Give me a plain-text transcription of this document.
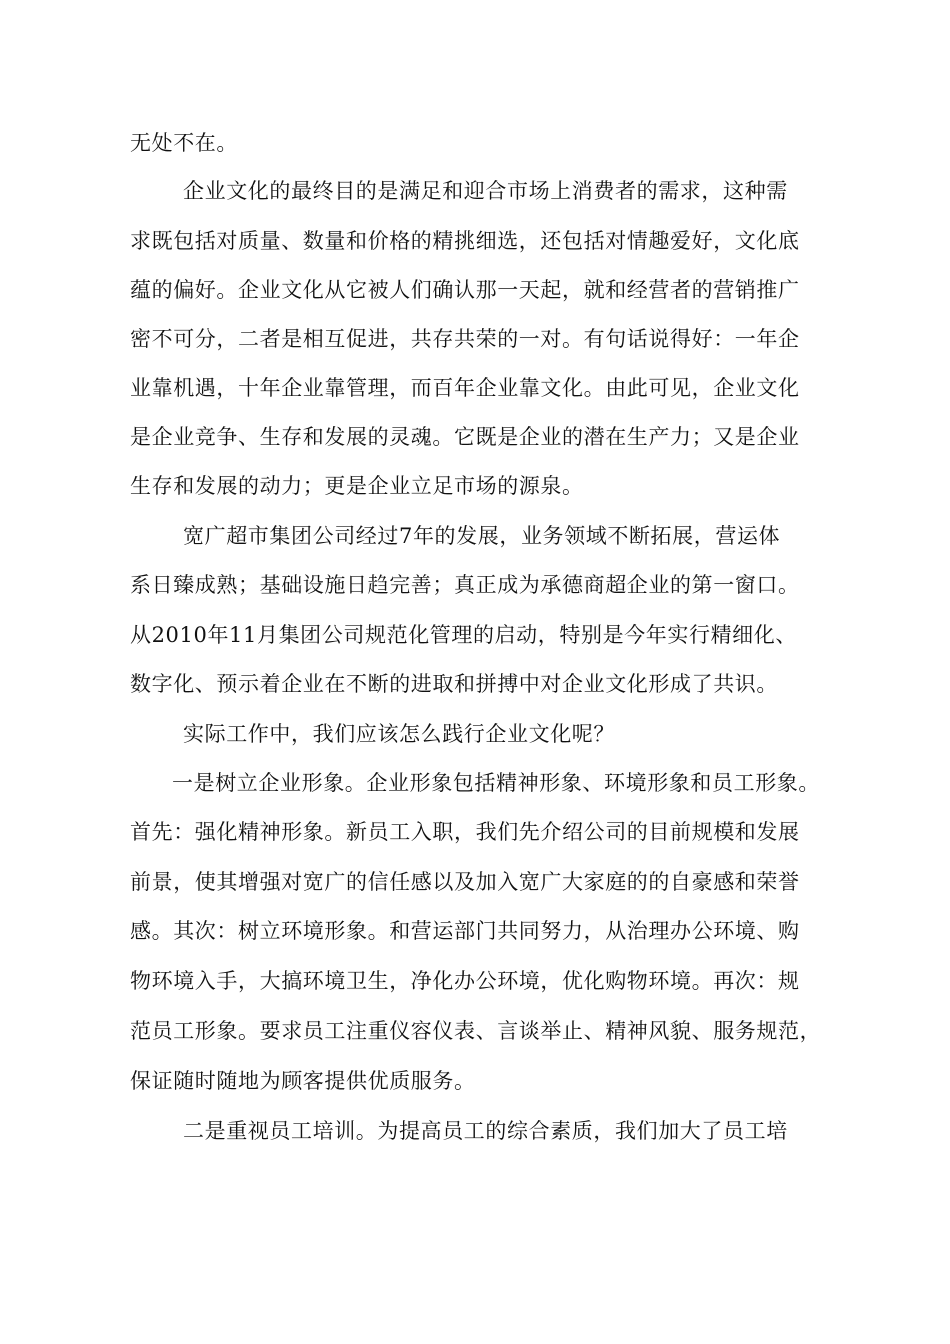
无处不在。

企业文化的最终目的是满足和迎合市场上消费者的需求，这种需

求既包括对质量、数量和价格的精挑细选，还包括对情趣爱好，文化底

蕴的偏好。企业文化从它被人们确认那一天起，就和经营者的营销推广

密不可分，二者是相互促进，共存共荣的一对。有句话说得好：一年企

业靠机遇，十年企业靠管理，而百年企业靠文化。由此可见，企业文化

是企业竞争、生存和发展的灵魂。它既是企业的潜在生产力；又是企业

生存和发展的动力；更是企业立足市场的源泉。

宽广超市集团公司经过7年的发展，业务领域不断拓展，营运体

系日臻成熟；基础设施日趋完善；真正成为承德商超企业的第一窗口。

从2010年11月集团公司规范化管理的启动，特别是今年实行精细化、

数字化、预示着企业在不断的进取和拼搏中对企业文化形成了共识。

实际工作中，我们应该怎么践行企业文化呢？

一是树立企业形象。企业形象包括精神形象、环境形象和员工形象。

首先：强化精神形象。新员工入职，我们先介绍公司的目前规模和发展

前景，使其增强对宽广的信任感以及加入宽广大家庭的的自豪感和荣誉

感。其次：树立环境形象。和营运部门共同努力，从治理办公环境、购

物环境入手，大搞环境卫生，净化办公环境，优化购物环境。再次：规

范员工形象。要求员工注重仪容仪表、言谈举止、精神风貌、服务规范，

保证随时随地为顾客提供优质服务。

二是重视员工培训。为提高员工的综合素质，我们加大了员工培
